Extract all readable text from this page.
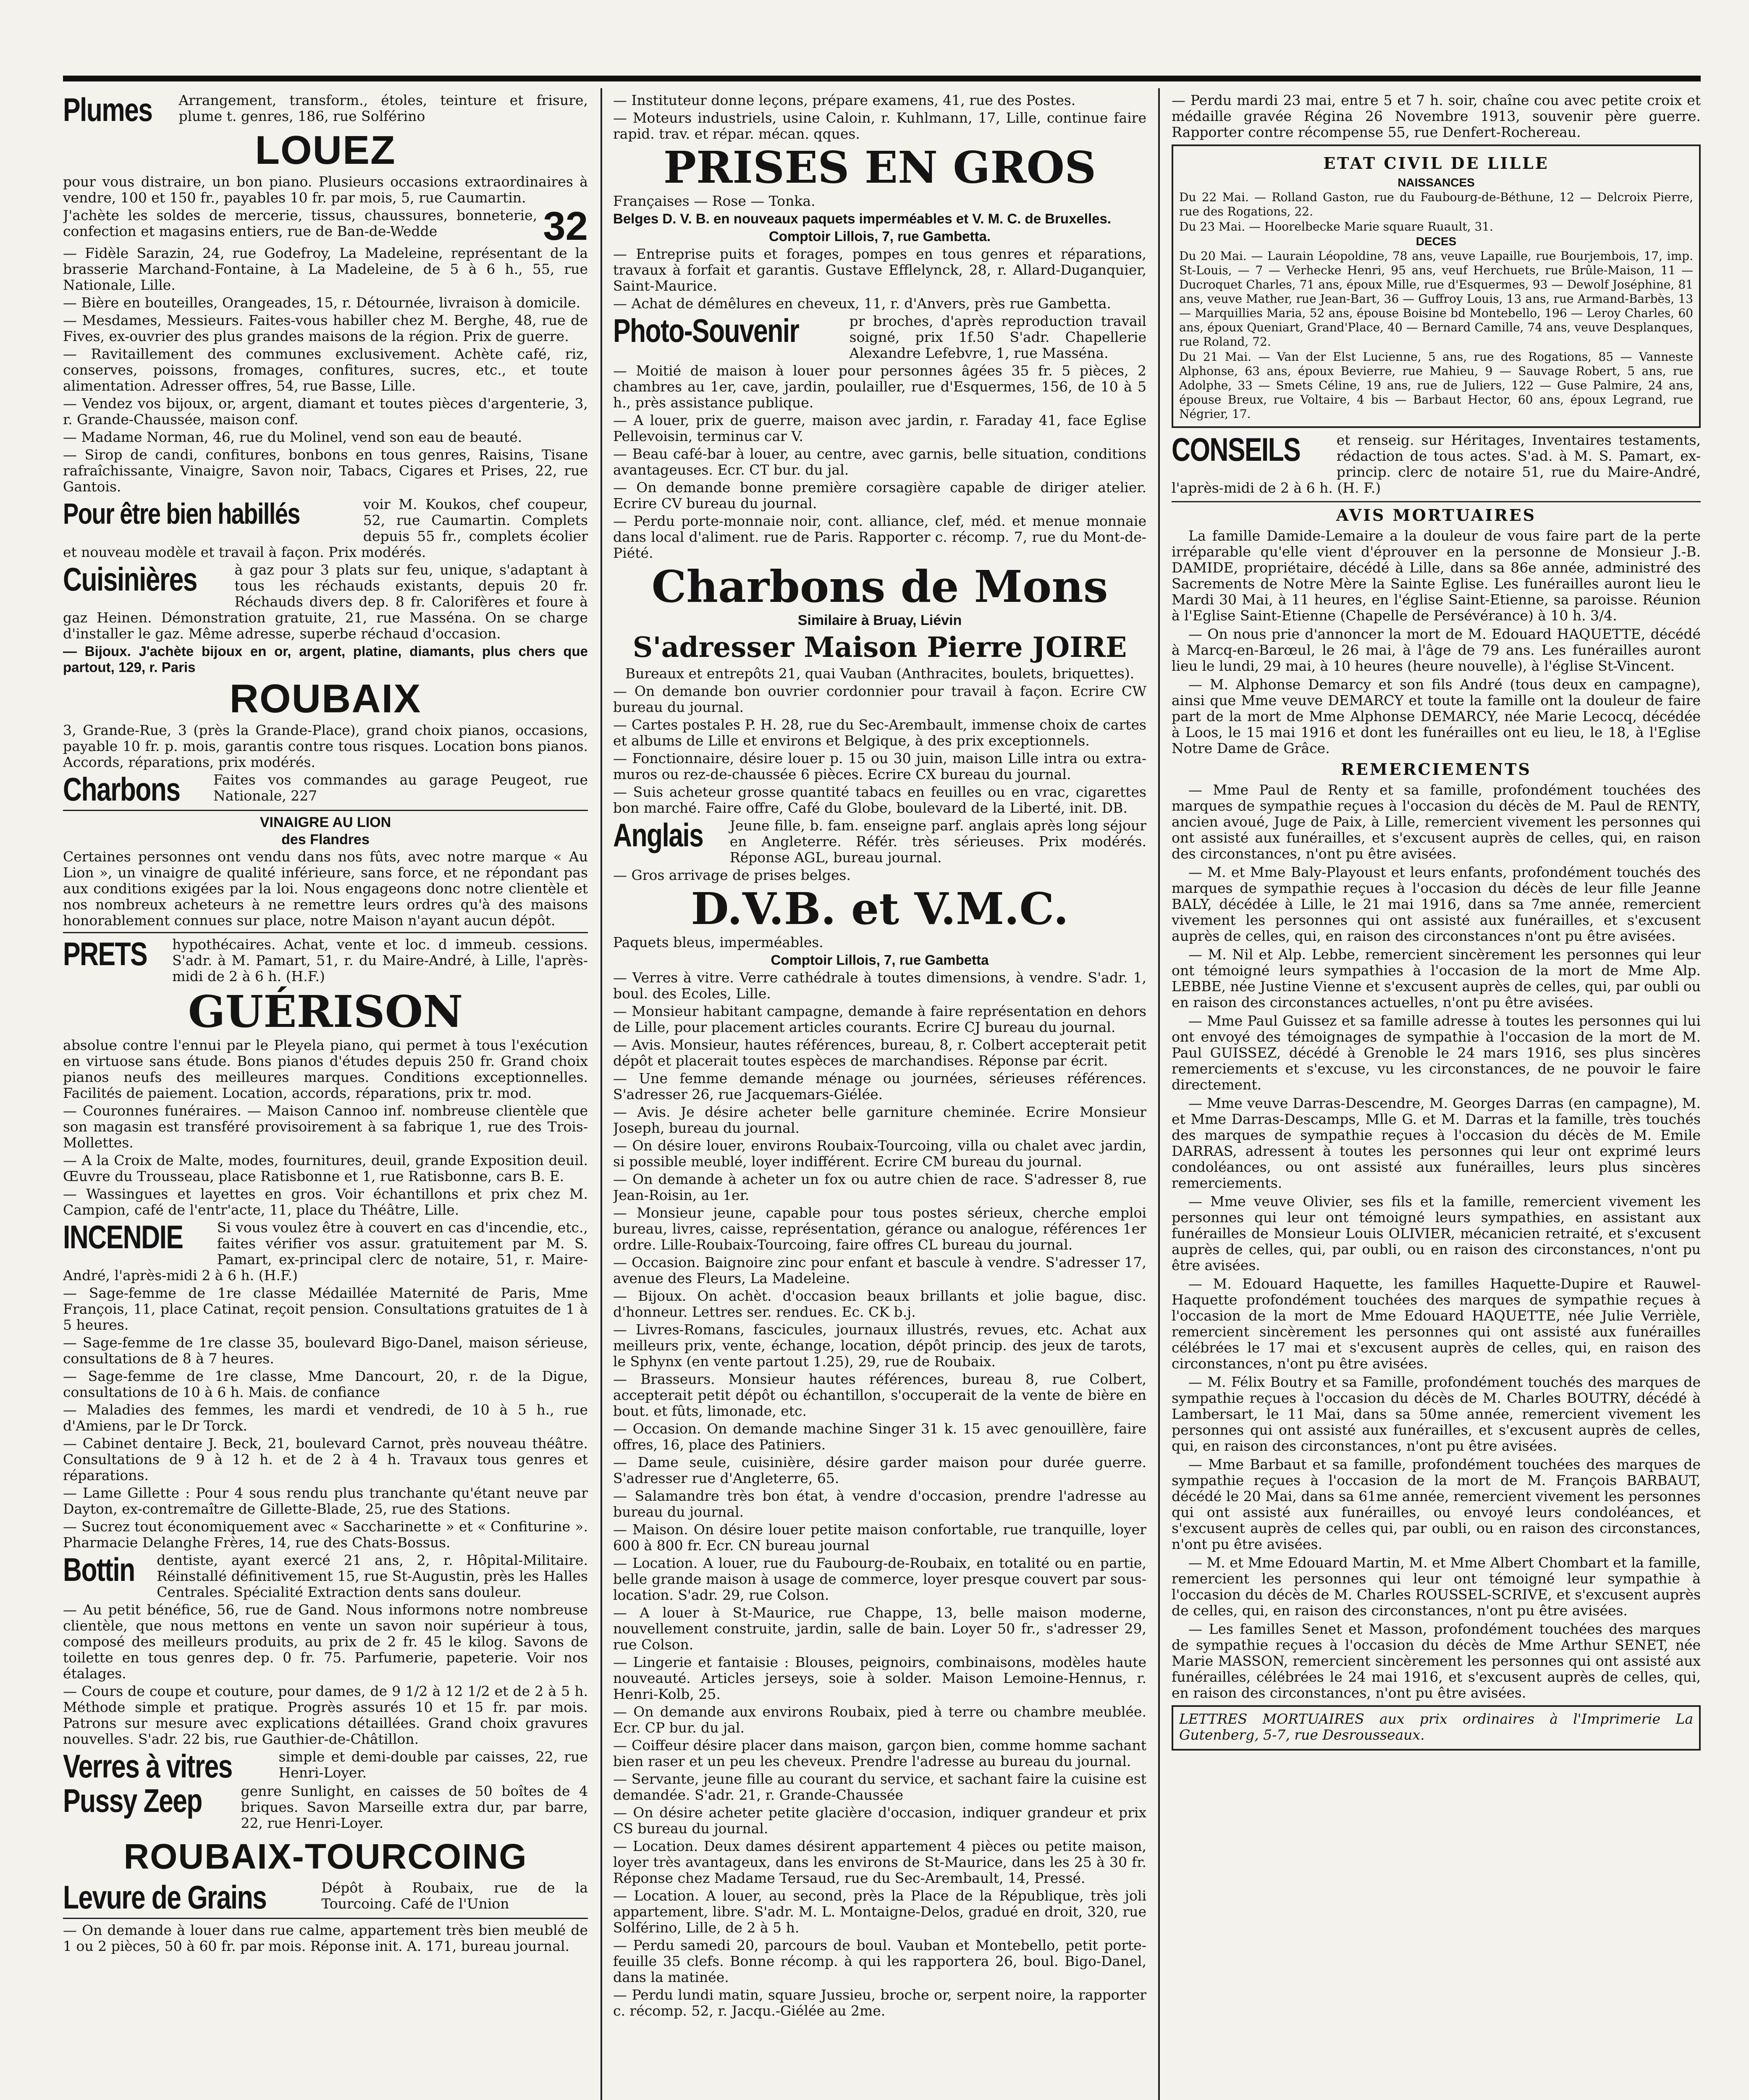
Plumes	Arrangement, transform., étoles, teinture et frisure, plume t. genres, 186, rue Solférino

LOUEZ

pour vous distraire, un bon piano. Plusieurs occasions extraordinaires à vendre, 100 et 150 fr., payables 10 fr. par mois, 5, rue Caumartin.

32

J'achète les soldes de mercerie, tissus, chaussures, bonneterie, confection et magasins entiers, rue de Ban-de-Wedde

— Fidèle Sarazin, 24, rue Godefroy, La Madeleine, représentant de la brasserie Marchand-Fontaine, à La Madeleine, de 5 à 6 h., 55, rue Nationale, Lille.

— Bière en bouteilles, Orangeades, 15, r. Détournée, livraison à domicile.

— Mesdames, Messieurs. Faites-vous habiller chez M. Berghe, 48, rue de Fives, ex-ouvrier des plus grandes maisons de la région. Prix de guerre.

— Ravitaillement des communes exclusivement. Achète café, riz, conserves, poissons, fromages, confitures, sucres, etc., et toute alimentation. Adresser offres, 54, rue Basse, Lille.

— Vendez vos bijoux, or, argent, diamant et toutes pièces d'argenterie, 3, r. Grande-Chaussée, maison conf.

— Madame Norman, 46, rue du Molinel, vend son eau de beauté.

— Sirop de candi, confitures, bonbons en tous genres, Raisins, Tisane rafraîchissante, Vinaigre, Savon noir, Tabacs, Cigares et Prises, 22, rue Gantois.

Pour être bien habillés	voir M. Koukos, chef coupeur, 52, rue Caumartin. Complets depuis 55 fr., complets écolier et nouveau modèle et travail à façon. Prix modérés.

Cuisinières	à gaz pour 3 plats sur feu, unique, s'adaptant à tous les réchauds existants, depuis 20 fr. Réchauds divers dep. 8 fr. Calorifères et foure à gaz Heinen. Démonstration gratuite, 21, rue Masséna. On se charge d'installer le gaz. Même adresse, superbe réchaud d'occasion.

— Bijoux. J'achète bijoux en or, argent, platine, diamants, plus chers que partout, 129, r. Paris

ROUBAIX

3, Grande-Rue, 3 (près la Grande-Place), grand choix pianos, occasions, payable 10 fr. p. mois, garantis contre tous risques. Location bons pianos. Accords, réparations, prix modérés.

Charbons	Faites vos commandes au garage Peugeot, rue Nationale, 227

VINAIGRE AU LION
des Flandres

Certaines personnes ont vendu dans nos fûts, avec notre marque « Au Lion », un vinaigre de qualité inférieure, sans force, et ne répondant pas aux conditions exigées par la loi. Nous engageons donc notre clientèle et nos nombreux acheteurs à ne remettre leurs ordres qu'à des maisons honorablement connues sur place, notre Maison n'ayant aucun dépôt.

PRETS	hypothécaires. Achat, vente et loc. d immeub. cessions. S'adr. à M. Pamart, 51, r. du Maire-André, à Lille, l'après-midi de 2 à 6 h. (H.F.)

GUÉRISON

absolue contre l'ennui par le Pleyela piano, qui permet à tous l'exécution en virtuose sans étude. Bons pianos d'études depuis 250 fr. Grand choix pianos neufs des meilleures marques. Conditions exceptionnelles. Facilités de paiement. Location, accords, réparations, prix tr. mod.

— Couronnes funéraires. — Maison Cannoo inf. nombreuse clientèle que son magasin est transféré provisoirement à sa fabrique 1, rue des Trois-Mollettes.

— A la Croix de Malte, modes, fournitures, deuil, grande Exposition deuil. Œuvre du Trousseau, place Ratisbonne et 1, rue Ratisbonne, cars B. E.

— Wassingues et layettes en gros. Voir échantillons et prix chez M. Campion, café de l'entr'acte, 11, place du Théâtre, Lille.

INCENDIE	Si vous voulez être à couvert en cas d'incendie, etc., faites vérifier vos assur. gratuitement par M. S. Pamart, ex-principal clerc de notaire, 51, r. Maire-André, l'après-midi 2 à 6 h. (H.F.)

— Sage-femme de 1re classe Médaillée Maternité de Paris, Mme François, 11, place Catinat, reçoit pension. Consultations gratuites de 1 à 5 heures.

— Sage-femme de 1re classe 35, boulevard Bigo-Danel, maison sérieuse, consultations de 8 à 7 heures.

— Sage-femme de 1re classe, Mme Dancourt, 20, r. de la Digue, consultations de 10 à 6 h. Mais. de confiance

— Maladies des femmes, les mardi et vendredi, de 10 à 5 h., rue d'Amiens, par le Dr Torck.

— Cabinet dentaire J. Beck, 21, boulevard Carnot, près nouveau théâtre. Consultations de 9 à 12 h. et de 2 à 4 h. Travaux tous genres et réparations.

— Lame Gillette : Pour 4 sous rendu plus tranchante qu'étant neuve par Dayton, ex-contremaître de Gillette-Blade, 25, rue des Stations.

— Sucrez tout économiquement avec « Saccharinette » et « Confiturine ». Pharmacie Delanghe Frères, 14, rue des Chats-Bossus.

Bottin	dentiste, ayant exercé 21 ans, 2, r. Hôpital-Militaire. Réinstallé définitivement 15, rue St-Augustin, près les Halles Centrales. Spécialité Extraction dents sans douleur.

— Au petit bénéfice, 56, rue de Gand. Nous informons notre nombreuse clientèle, que nous mettons en vente un savon noir supérieur à tous, composé des meilleurs produits, au prix de 2 fr. 45 le kilog. Savons de toilette en tous genres dep. 0 fr. 75. Parfumerie, papeterie. Voir nos étalages.

— Cours de coupe et couture, pour dames, de 9 1/2 à 12 1/2 et de 2 à 5 h. Méthode simple et pratique. Progrès assurés 10 et 15 fr. par mois. Patrons sur mesure avec explications détaillées. Grand choix gravures nouvelles. S'adr. 22 bis, rue Gauthier-de-Châtillon.

Verres à vitres	simple et demi-double par caisses, 22, rue Henri-Loyer.

Pussy Zeep	genre Sunlight, en caisses de 50 boîtes de 4 briques. Savon Marseille extra dur, par barre, 22, rue Henri-Loyer.

ROUBAIX-TOURCOING
Levure de Grains	Dépôt à Roubaix, rue de la Tourcoing. Café de l'Union

— On demande à louer dans rue calme, appartement très bien meublé de 1 ou 2 pièces, 50 à 60 fr. par mois. Réponse init. A. 171, bureau journal.

— Instituteur donne leçons, prépare examens, 41, rue des Postes.

— Moteurs industriels, usine Caloin, r. Kuhlmann, 17, Lille, continue faire rapid. trav. et répar. mécan. qques.

PRISES EN GROS

Françaises — Rose — Tonka.

Belges D. V. B. en nouveaux paquets imperméables et V. M. C. de Bruxelles.

Comptoir Lillois, 7, rue Gambetta.

— Entreprise puits et forages, pompes en tous genres et réparations, travaux à forfait et garantis. Gustave Efflelynck, 28, r. Allard-Duganquier, Saint-Maurice.

— Achat de démêlures en cheveux, 11, r. d'Anvers, près rue Gambetta.

Photo-Souvenir	pr broches, d'après reproduction travail soigné, prix 1f.50 S'adr. Chapellerie Alexandre Lefebvre, 1, rue Masséna.

— Moitié de maison à louer pour personnes âgées 35 fr. 5 pièces, 2 chambres au 1er, cave, jardin, poulailler, rue d'Esquermes, 156, de 10 à 5 h., près assistance publique.

— A louer, prix de guerre, maison avec jardin, r. Faraday 41, face Eglise Pellevoisin, terminus car V.

— Beau café-bar à louer, au centre, avec garnis, belle situation, conditions avantageuses. Ecr. CT bur. du jal.

— On demande bonne première corsagière capable de diriger atelier. Ecrire CV bureau du journal.

— Perdu porte-monnaie noir, cont. alliance, clef, méd. et menue monnaie dans local d'aliment. rue de Paris. Rapporter c. récomp. 7, rue du Mont-de-Piété.

Charbons de Mons
Similaire à Bruay, Liévin
S'adresser Maison Pierre JOIRE

Bureaux et entrepôts 21, quai Vauban (Anthracites, boulets, briquettes).

— On demande bon ouvrier cordonnier pour travail à façon. Ecrire CW bureau du journal.

— Cartes postales P. H. 28, rue du Sec-Arembault, immense choix de cartes et albums de Lille et environs et Belgique, à des prix exceptionnels.

— Fonctionnaire, désire louer p. 15 ou 30 juin, maison Lille intra ou extra-muros ou rez-de-chaussée 6 pièces. Ecrire CX bureau du journal.

— Suis acheteur grosse quantité tabacs en feuilles ou en vrac, cigarettes bon marché. Faire offre, Café du Globe, boulevard de la Liberté, init. DB.

Anglais	Jeune fille, b. fam. enseigne parf. anglais après long séjour en Angleterre. Référ. très sérieuses. Prix modérés. Réponse AGL, bureau journal.

— Gros arrivage de prises belges.

D.V.B. et V.M.C.

Paquets bleus, imperméables.

Comptoir Lillois, 7, rue Gambetta

— Verres à vitre. Verre cathédrale à toutes dimensions, à vendre. S'adr. 1, boul. des Ecoles, Lille.

— Monsieur habitant campagne, demande à faire représentation en dehors de Lille, pour placement articles courants. Ecrire CJ bureau du journal.

— Avis. Monsieur, hautes références, bureau, 8, r. Colbert accepterait petit dépôt et placerait toutes espèces de marchandises. Réponse par écrit.

— Une femme demande ménage ou journées, sérieuses références. S'adresser 26, rue Jacquemars-Giélée.

— Avis. Je désire acheter belle garniture cheminée. Ecrire Monsieur Joseph, bureau du journal.

— On désire louer, environs Roubaix-Tourcoing, villa ou chalet avec jardin, si possible meublé, loyer indifférent. Ecrire CM bureau du journal.

— On demande à acheter un fox ou autre chien de race. S'adresser 8, rue Jean-Roisin, au 1er.

— Monsieur jeune, capable pour tous postes sérieux, cherche emploi bureau, livres, caisse, représentation, gérance ou analogue, références 1er ordre. Lille-Roubaix-Tourcoing, faire offres CL bureau du journal.

— Occasion. Baignoire zinc pour enfant et bascule à vendre. S'adresser 17, avenue des Fleurs, La Madeleine.

— Bijoux. On achèt. d'occasion beaux brillants et jolie bague, disc. d'honneur. Lettres ser. rendues. Ec. CK b.j.

— Livres-Romans, fascicules, journaux illustrés, revues, etc. Achat aux meilleurs prix, vente, échange, location, dépôt princip. des jeux de tarots, le Sphynx (en vente partout 1.25), 29, rue de Roubaix.

— Brasseurs. Monsieur hautes références, bureau 8, rue Colbert, accepterait petit dépôt ou échantillon, s'occuperait de la vente de bière en bout. et fûts, limonade, etc.

— Occasion. On demande machine Singer 31 k. 15 avec genouillère, faire offres, 16, place des Patiniers.

— Dame seule, cuisinière, désire garder maison pour durée guerre. S'adresser rue d'Angleterre, 65.

— Salamandre très bon état, à vendre d'occasion, prendre l'adresse au bureau du journal.

— Maison. On désire louer petite maison confortable, rue tranquille, loyer 600 à 800 fr. Ecr. CN bureau journal

— Location. A louer, rue du Faubourg-de-Roubaix, en totalité ou en partie, belle grande maison à usage de commerce, loyer presque couvert par sous-location. S'adr. 29, rue Colson.

— A louer à St-Maurice, rue Chappe, 13, belle maison moderne, nouvellement construite, jardin, salle de bain. Loyer 50 fr., s'adresser 29, rue Colson.

— Lingerie et fantaisie : Blouses, peignoirs, combinaisons, modèles haute nouveauté. Articles jerseys, soie à solder. Maison Lemoine-Hennus, r. Henri-Kolb, 25.

— On demande aux environs Roubaix, pied à terre ou chambre meublée. Ecr. CP bur. du jal.

— Coiffeur désire placer dans maison, garçon bien, comme homme sachant bien raser et un peu les cheveux. Prendre l'adresse au bureau du journal.

— Servante, jeune fille au courant du service, et sachant faire la cuisine est demandée. S'adr. 21, r. Grande-Chaussée

— On désire acheter petite glacière d'occasion, indiquer grandeur et prix CS bureau du journal.

— Location. Deux dames désirent appartement 4 pièces ou petite maison, loyer très avantageux, dans les environs de St-Maurice, dans les 25 à 30 fr. Réponse chez Madame Tersaud, rue du Sec-Arembault, 14, Pressé.

— Location. A louer, au second, près la Place de la République, très joli appartement, libre. S'adr. M. L. Montaigne-Delos, gradué en droit, 320, rue Solférino, Lille, de 2 à 5 h.

— Perdu samedi 20, parcours de boul. Vauban et Montebello, petit porte-feuille 35 clefs. Bonne récomp. à qui les rapportera 26, boul. Bigo-Danel, dans la matinée.

— Perdu lundi matin, square Jussieu, broche or, serpent noire, la rapporter c. récomp. 52, r. Jacqu.-Giélée au 2me.

— Perdu mardi 23 mai, entre 5 et 7 h. soir, chaîne cou avec petite croix et médaille gravée Régina 26 Novembre 1913, souvenir père guerre. Rapporter contre récompense 55, rue Denfert-Rochereau.

ETAT CIVIL DE LILLE
NAISSANCES

Du 22 Mai. — Rolland Gaston, rue du Faubourg-de-Béthune, 12 — Delcroix Pierre, rue des Rogations, 22.

Du 23 Mai. — Hoorelbecke Marie square Ruault, 31.

DECES

Du 20 Mai. — Laurain Léopoldine, 78 ans, veuve Lapaille, rue Bourjembois, 17, imp. St-Louis, — 7 — Verhecke Henri, 95 ans, veuf Herchuets, rue Brûle-Maison, 11 — Ducroquet Charles, 71 ans, époux Mille, rue d'Esquermes, 93 — Dewolf Joséphine, 81 ans, veuve Mather, rue Jean-Bart, 36 — Guffroy Louis, 13 ans, rue Armand-Barbès, 13 — Marquillies Maria, 52 ans, épouse Boisine bd Montebello, 196 — Leroy Charles, 60 ans, époux Queniart, Grand'Place, 40 — Bernard Camille, 74 ans, veuve Desplanques, rue Roland, 72.

Du 21 Mai. — Van der Elst Lucienne, 5 ans, rue des Rogations, 85 — Vanneste Alphonse, 63 ans, époux Bevierre, rue Mahieu, 9 — Sauvage Robert, 5 ans, rue Adolphe, 33 — Smets Céline, 19 ans, rue de Juliers, 122 — Guse Palmire, 24 ans, épouse Breux, rue Voltaire, 4 bis — Barbaut Hector, 60 ans, époux Legrand, rue Négrier, 17.

CONSEILS	et renseig. sur Héritages, Inventaires testaments, rédaction de tous actes. S'ad. à M. S. Pamart, ex-princip. clerc de notaire 51, rue du Maire-André, l'après-midi de 2 à 6 h. (H. F.)

AVIS MORTUAIRES

La famille Damide-Lemaire a la douleur de vous faire part de la perte irréparable qu'elle vient d'éprouver en la personne de Monsieur J.-B. DAMIDE, propriétaire, décédé à Lille, dans sa 86e année, administré des Sacrements de Notre Mère la Sainte Eglise. Les funérailles auront lieu le Mardi 30 Mai, à 11 heures, en l'église Saint-Etienne, sa paroisse. Réunion à l'Eglise Saint-Etienne (Chapelle de Persévérance) à 10 h. 3/4.

— On nous prie d'annoncer la mort de M. Edouard HAQUETTE, décédé à Marcq-en-Barœul, le 26 mai, à l'âge de 79 ans. Les funérailles auront lieu le lundi, 29 mai, à 10 heures (heure nouvelle), à l'église St-Vincent.

— M. Alphonse Demarcy et son fils André (tous deux en campagne), ainsi que Mme veuve DEMARCY et toute la famille ont la douleur de faire part de la mort de Mme Alphonse DEMARCY, née Marie Lecocq, décédée à Loos, le 15 mai 1916 et dont les funérailles ont eu lieu, le 18, à l'Eglise Notre Dame de Grâce.

REMERCIEMENTS

— Mme Paul de Renty et sa famille, profondément touchées des marques de sympathie reçues à l'occasion du décès de M. Paul de RENTY, ancien avoué, Juge de Paix, à Lille, remercient vivement les personnes qui ont assisté aux funérailles, et s'excusent auprès de celles, qui, en raison des circonstances, n'ont pu être avisées.

— M. et Mme Baly-Playoust et leurs enfants, profondément touchés des marques de sympathie reçues à l'occasion du décès de leur fille Jeanne BALY, décédée à Lille, le 21 mai 1916, dans sa 7me année, remercient vivement les personnes qui ont assisté aux funérailles, et s'excusent auprès de celles, qui, en raison des circonstances n'ont pu être avisées.

— M. Nil et Alp. Lebbe, remercient sincèrement les personnes qui leur ont témoigné leurs sympathies à l'occasion de la mort de Mme Alp. LEBBE, née Justine Vienne et s'excusent auprès de celles, qui, par oubli ou en raison des circonstances actuelles, n'ont pu être avisées.

— Mme Paul Guissez et sa famille adresse à toutes les personnes qui lui ont envoyé des témoignages de sympathie à l'occasion de la mort de M. Paul GUISSEZ, décédé à Grenoble le 24 mars 1916, ses plus sincères remerciements et s'excuse, vu les circonstances, de ne pouvoir le faire directement.

— Mme veuve Darras-Descendre, M. Georges Darras (en campagne), M. et Mme Darras-Descamps, Mlle G. et M. Darras et la famille, très touchés des marques de sympathie reçues à l'occasion du décès de M. Emile DARRAS, adressent à toutes les personnes qui leur ont exprimé leurs condoléances, ou ont assisté aux funérailles, leurs plus sincères remerciements.

— Mme veuve Olivier, ses fils et la famille, remercient vivement les personnes qui leur ont témoigné leurs sympathies, en assistant aux funérailles de Monsieur Louis OLIVIER, mécanicien retraité, et s'excusent auprès de celles, qui, par oubli, ou en raison des circonstances, n'ont pu être avisées.

— M. Edouard Haquette, les familles Haquette-Dupire et Rauwel-Haquette profondément touchées des marques de sympathie reçues à l'occasion de la mort de Mme Edouard HAQUETTE, née Julie Verrièle, remercient sincèrement les personnes qui ont assisté aux funérailles célébrées le 17 mai et s'excusent auprès de celles, qui, en raison des circonstances, n'ont pu être avisées.

— M. Félix Boutry et sa Famille, profondément touchés des marques de sympathie reçues à l'occasion du décès de M. Charles BOUTRY, décédé à Lambersart, le 11 Mai, dans sa 50me année, remercient vivement les personnes qui ont assisté aux funérailles, et s'excusent auprès de celles, qui, en raison des circonstances, n'ont pu être avisées.

— Mme Barbaut et sa famille, profondément touchées des marques de sympathie reçues à l'occasion de la mort de M. François BARBAUT, décédé le 20 Mai, dans sa 61me année, remercient vivement les personnes qui ont assisté aux funérailles, ou envoyé leurs condoléances, et s'excusent auprès de celles qui, par oubli, ou en raison des circonstances, n'ont pu être avisées.

— M. et Mme Edouard Martin, M. et Mme Albert Chombart et la famille, remercient les personnes qui leur ont témoigné leur sympathie à l'occasion du décès de M. Charles ROUSSEL-SCRIVE, et s'excusent auprès de celles, qui, en raison des circonstances, n'ont pu être avisées.

— Les familles Senet et Masson, profondément touchées des marques de sympathie reçues à l'occasion du décès de Mme Arthur SENET, née Marie MASSON, remercient sincèrement les personnes qui ont assisté aux funérailles, célébrées le 24 mai 1916, et s'excusent auprès de celles, qui, en raison des circonstances, n'ont pu être avisées.

LETTRES MORTUAIRES aux prix ordinaires à l'Imprimerie La Gutenberg, 5-7, rue Desrousseaux.
